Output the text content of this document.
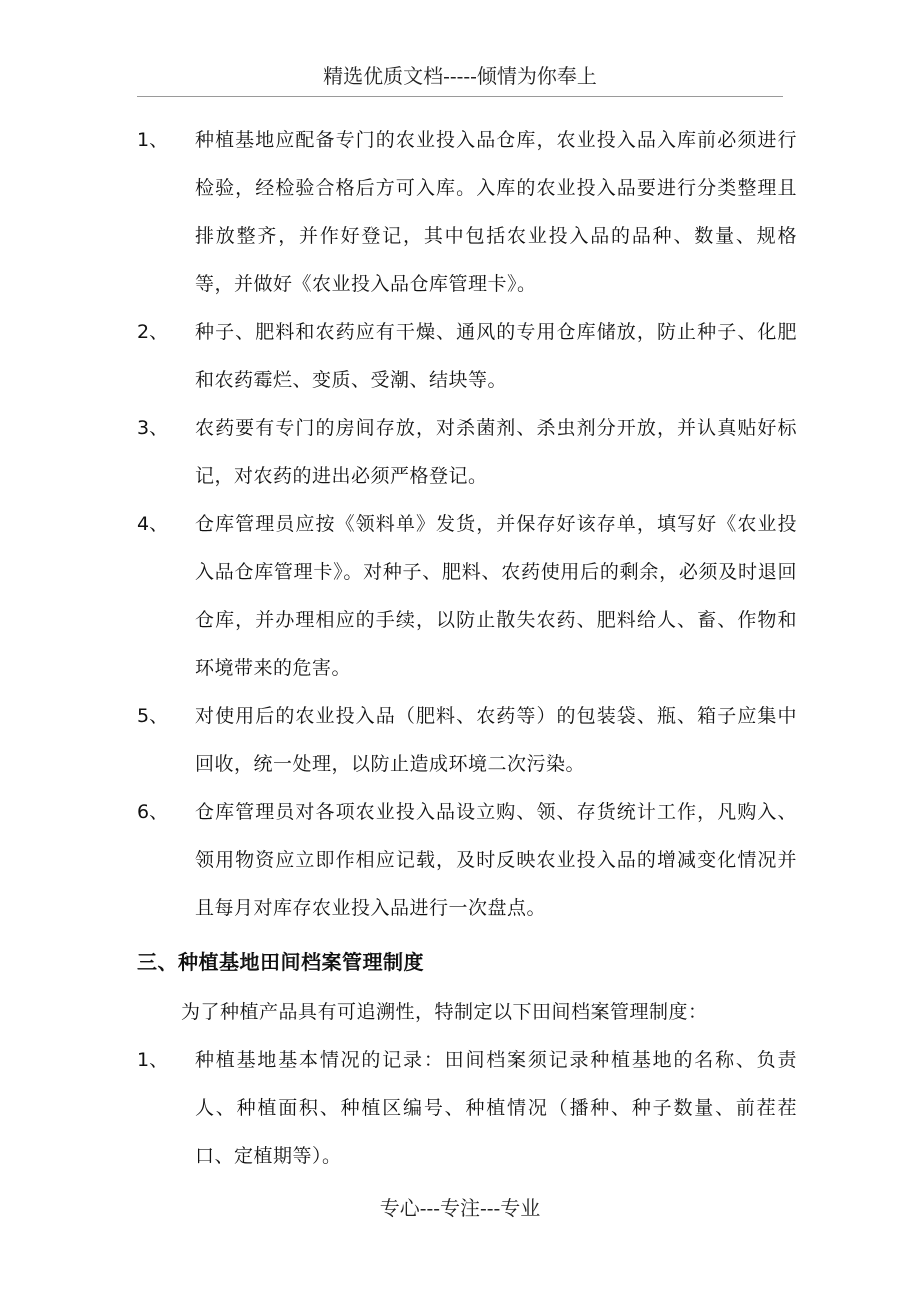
精选优质文档-----倾情为你奉上
1、	种植基地应配备专门的农业投入品仓库，农业投入品入库前必须进行检验，经检验合格后方可入库。入库的农业投入品要进行分类整理且排放整齐，并作好登记，其中包括农业投入品的品种、数量、规格等，并做好《农业投入品仓库管理卡》。
2、	种子、肥料和农药应有干燥、通风的专用仓库储放，防止种子、化肥和农药霉烂、变质、受潮、结块等。
3、	农药要有专门的房间存放，对杀菌剂、杀虫剂分开放，并认真贴好标记，对农药的进出必须严格登记。
4、	仓库管理员应按《领料单》发货，并保存好该存单，填写好《农业投入品仓库管理卡》。对种子、肥料、农药使用后的剩余，必须及时退回仓库，并办理相应的手续，以防止散失农药、肥料给人、畜、作物和环境带来的危害。
5、	对使用后的农业投入品（肥料、农药等）的包装袋、瓶、箱子应集中回收，统一处理，以防止造成环境二次污染。
6、	仓库管理员对各项农业投入品设立购、领、存货统计工作，凡购入、领用物资应立即作相应记载，及时反映农业投入品的增减变化情况并且每月对库存农业投入品进行一次盘点。
三、种植基地田间档案管理制度
为了种植产品具有可追溯性，特制定以下田间档案管理制度：
1、	种植基地基本情况的记录：田间档案须记录种植基地的名称、负责人、种植面积、种植区编号、种植情况（播种、种子数量、前茬茬口、定植期等）。
专心---专注---专业
